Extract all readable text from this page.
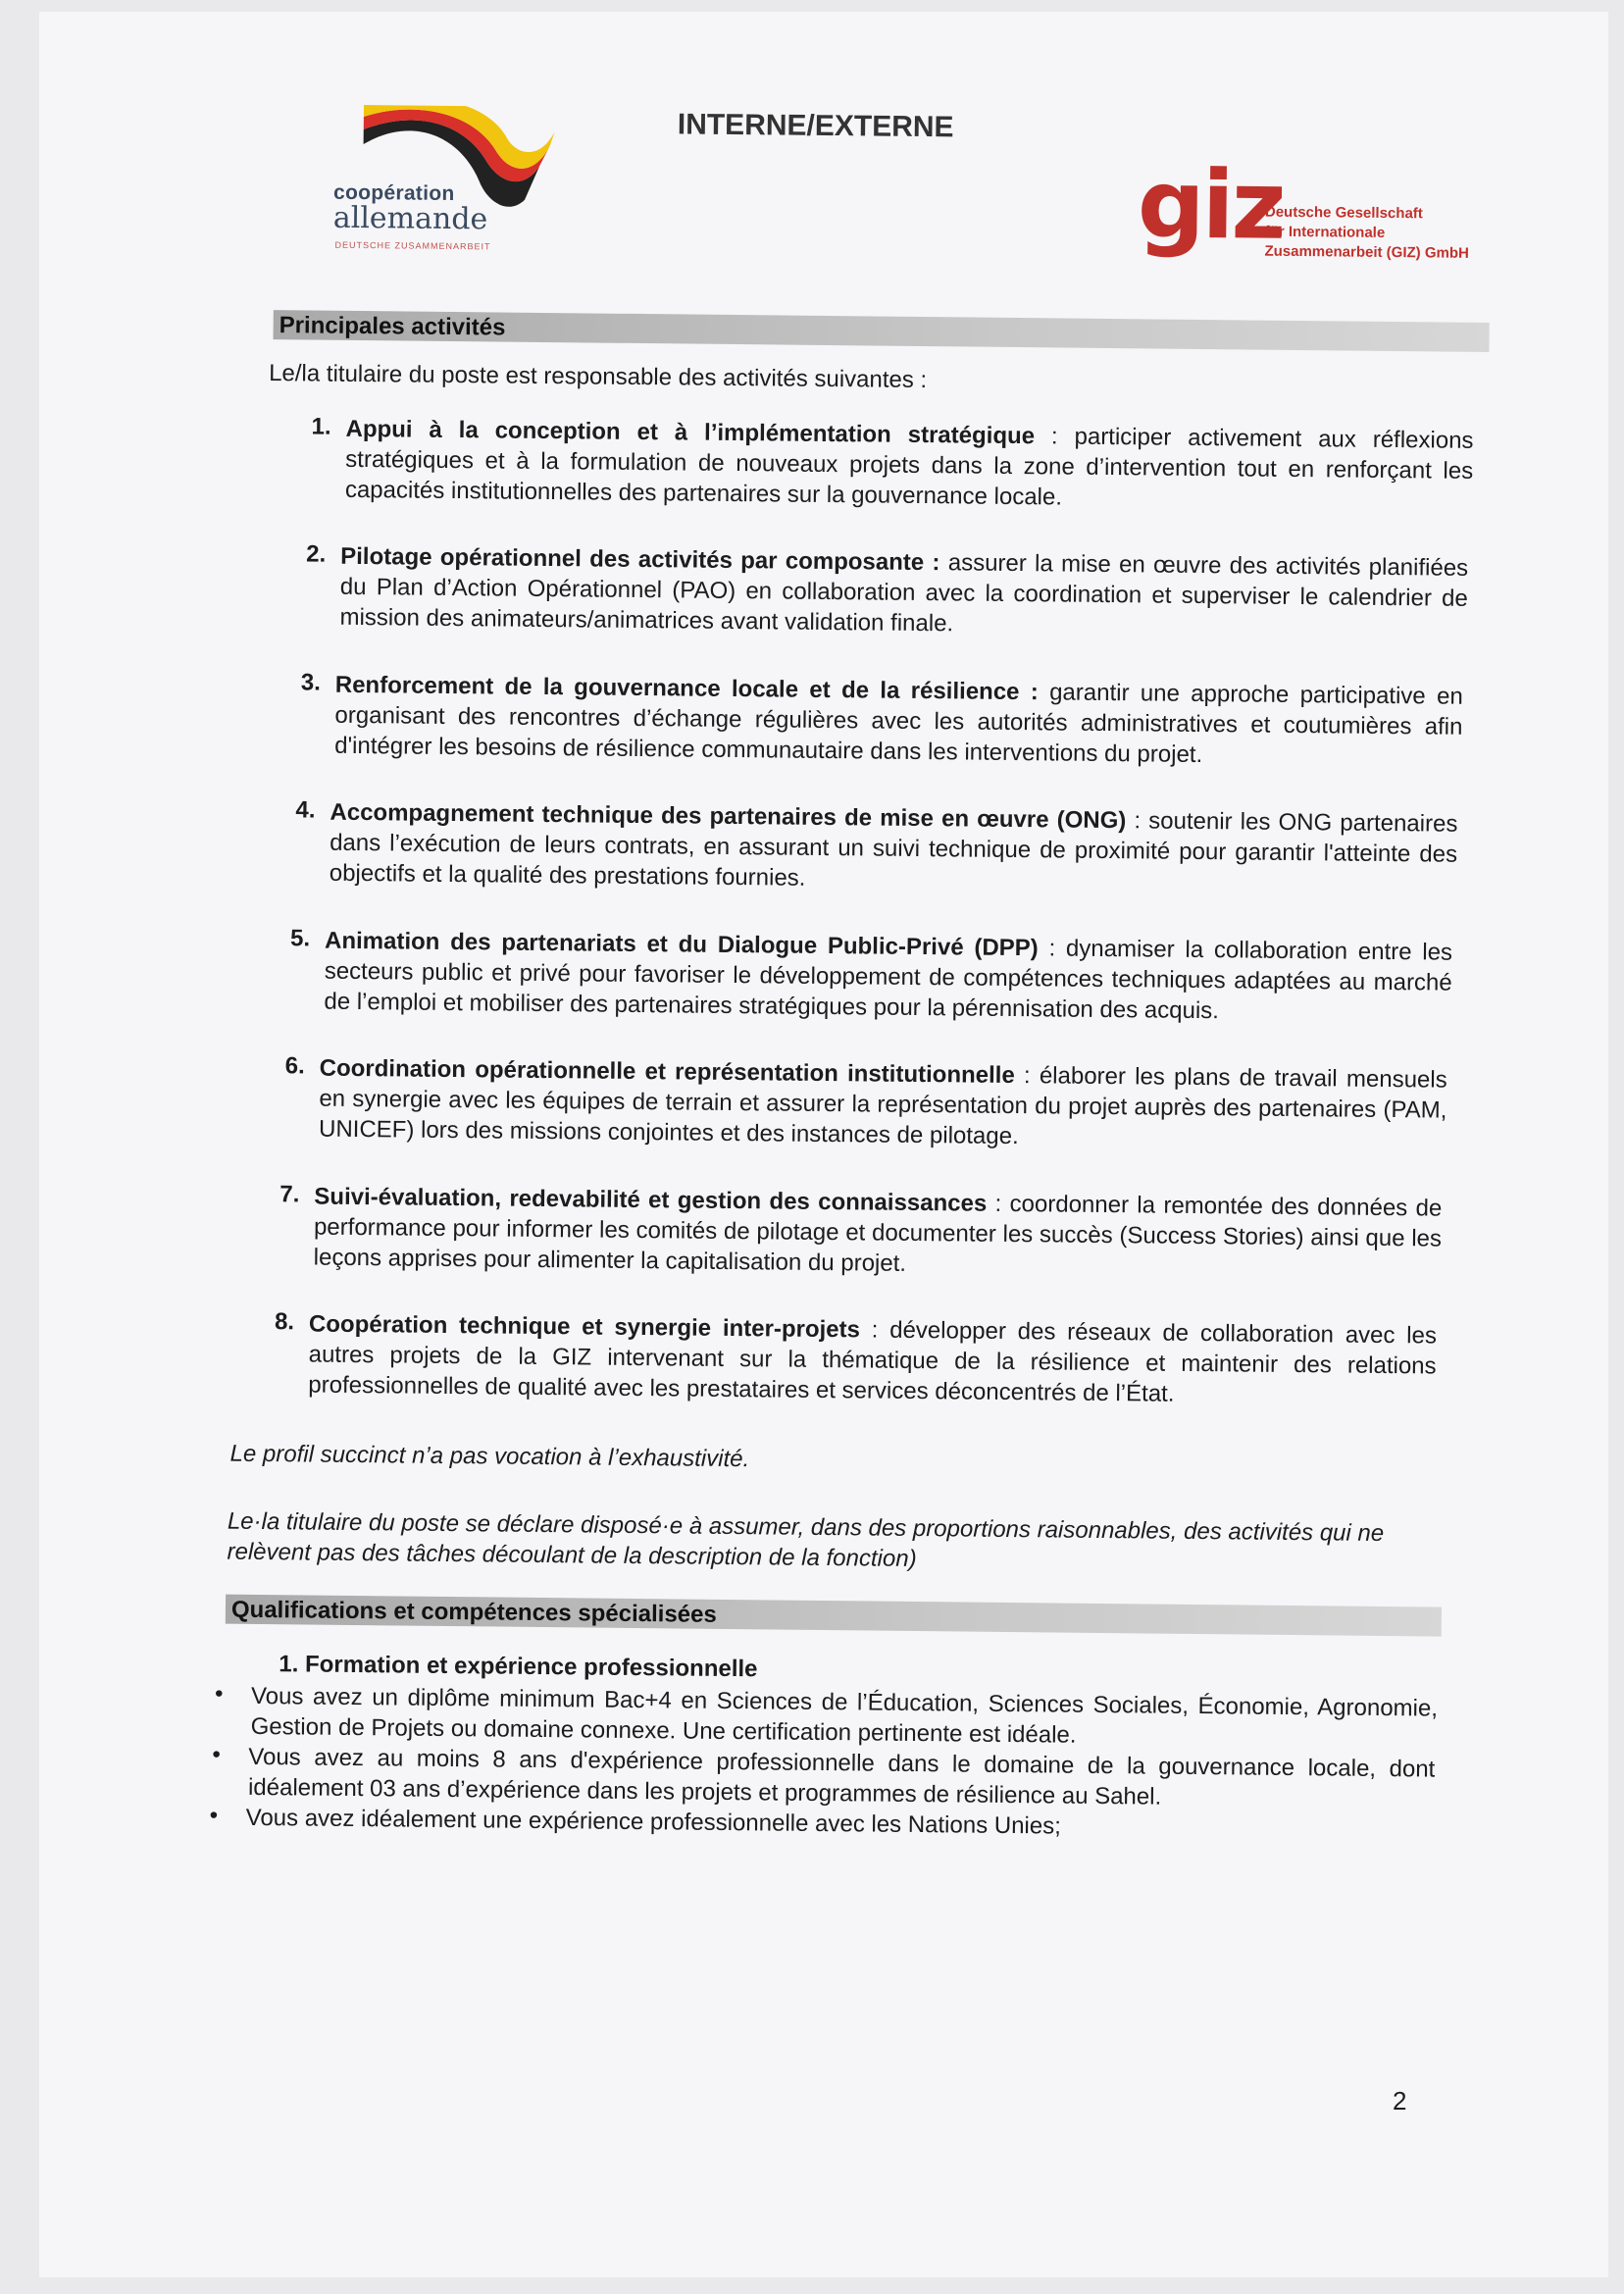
coopération
allemande
DEUTSCHE ZUSAMMENARBEIT
INTERNE/EXTERNE
giz
Deutsche Gesellschaft
für Internationale
Zusammenarbeit (GIZ) GmbH
Principales activités
Le/la titulaire du poste est responsable des activités suivantes :
1. Appui à la conception et à l’implémentation stratégique : participer activement aux réflexions stratégiques et à la formulation de nouveaux projets dans la zone d’intervention tout en renforçant les capacités institutionnelles des partenaires sur la gouvernance locale.
2. Pilotage opérationnel des activités par composante : assurer la mise en œuvre des activités planifiées du Plan d’Action Opérationnel (PAO) en collaboration avec la coordination et superviser le calendrier de mission des animateurs/animatrices avant validation finale.
3. Renforcement de la gouvernance locale et de la résilience : garantir une approche participative en organisant des rencontres d’échange régulières avec les autorités administratives et coutumières afin d'intégrer les besoins de résilience communautaire dans les interventions du projet.
4. Accompagnement technique des partenaires de mise en œuvre (ONG) : soutenir les ONG partenaires dans l’exécution de leurs contrats, en assurant un suivi technique de proximité pour garantir l'atteinte des objectifs et la qualité des prestations fournies.
5. Animation des partenariats et du Dialogue Public-Privé (DPP) : dynamiser la collaboration entre les secteurs public et privé pour favoriser le développement de compétences techniques adaptées au marché de l’emploi et mobiliser des partenaires stratégiques pour la pérennisation des acquis.
6. Coordination opérationnelle et représentation institutionnelle : élaborer les plans de travail mensuels en synergie avec les équipes de terrain et assurer la représentation du projet auprès des partenaires (PAM, UNICEF) lors des missions conjointes et des instances de pilotage.
7. Suivi-évaluation, redevabilité et gestion des connaissances : coordonner la remontée des données de performance pour informer les comités de pilotage et documenter les succès (Success Stories) ainsi que les leçons apprises pour alimenter la capitalisation du projet.
8. Coopération technique et synergie inter-projets : développer des réseaux de collaboration avec les autres projets de la GIZ intervenant sur la thématique de la résilience et maintenir des relations professionnelles de qualité avec les prestataires et services déconcentrés de l’État.
Le profil succinct n’a pas vocation à l’exhaustivité.
Le·la titulaire du poste se déclare disposé·e à assumer, dans des proportions raisonnables, des activités qui ne relèvent pas des tâches découlant de la description de la fonction)
Qualifications et compétences spécialisées
1. Formation et expérience professionnelle
• Vous avez un diplôme minimum Bac+4 en Sciences de l’Éducation, Sciences Sociales, Économie, Agronomie, Gestion de Projets ou domaine connexe. Une certification pertinente est idéale.
• Vous avez au moins 8 ans d'expérience professionnelle dans le domaine de la gouvernance locale, dont idéalement 03 ans d’expérience dans les projets et programmes de résilience au Sahel.
• Vous avez idéalement une expérience professionnelle avec les Nations Unies;
2
